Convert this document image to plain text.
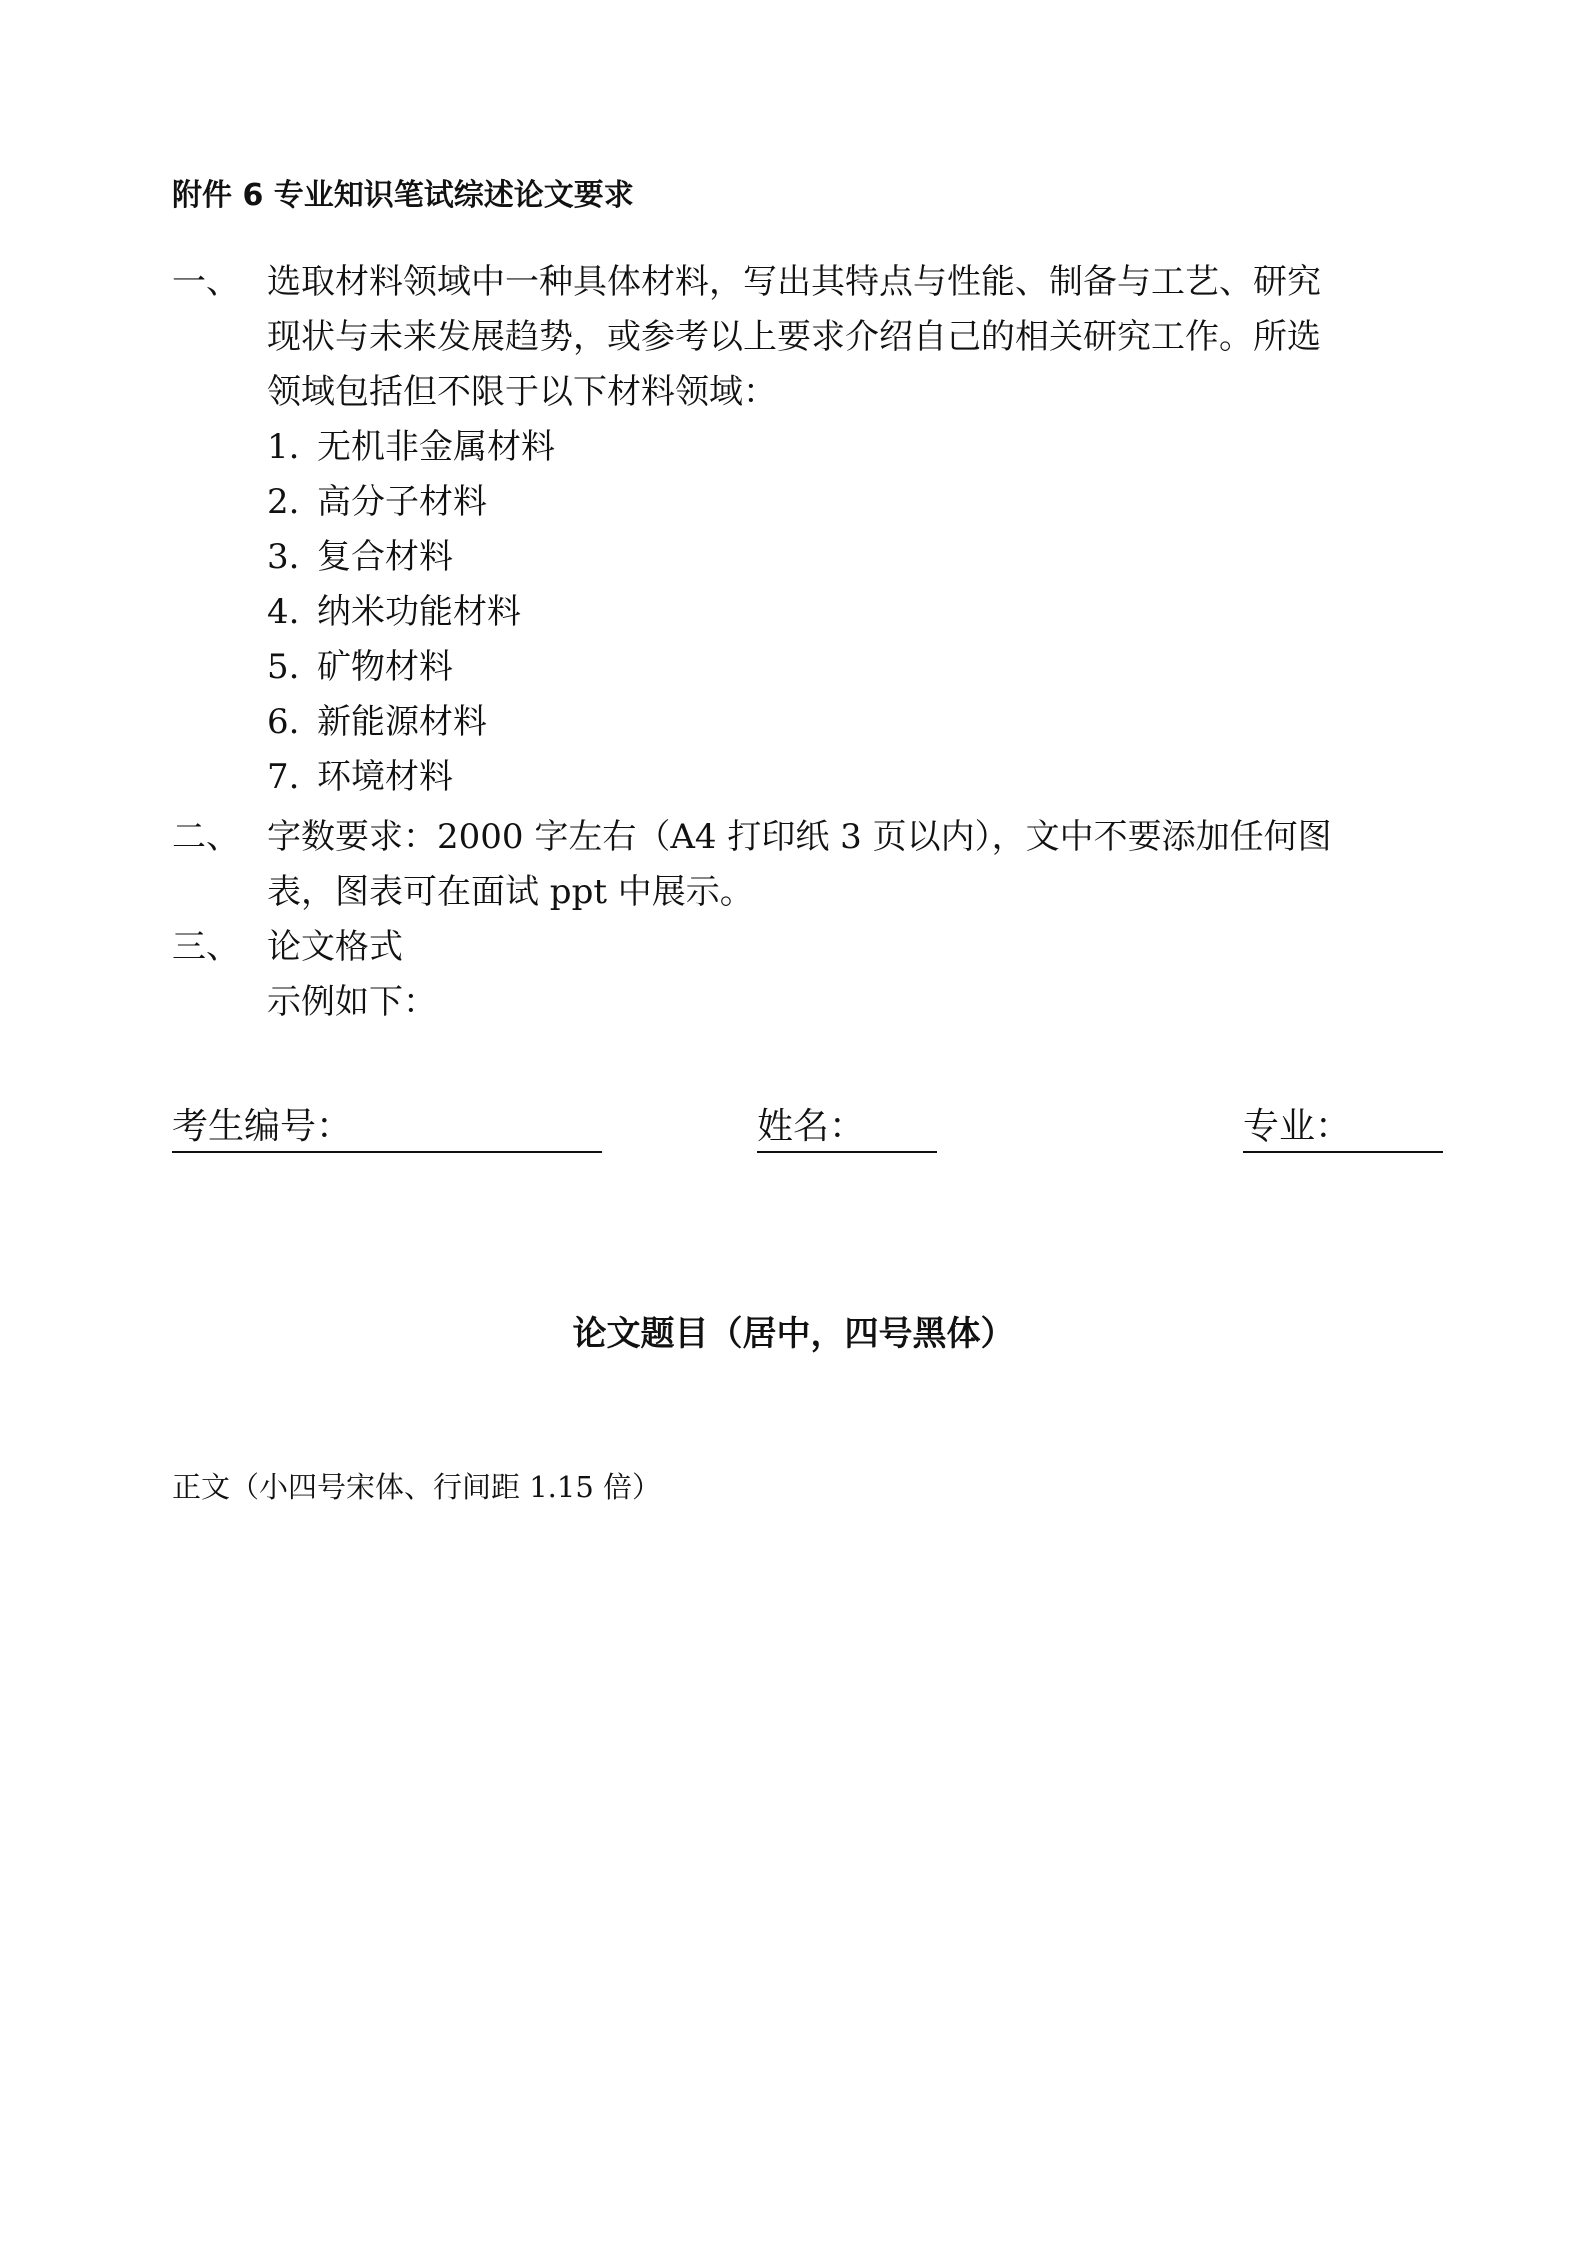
附件 6 专业知识笔试综述论文要求
一、 选取材料领域中一种具体材料，写出其特点与性能、制备与工艺、研究
现状与未来发展趋势，或参考以上要求介绍自己的相关研究工作。所选
领域包括但不限于以下材料领域：
1. 无机非金属材料
2. 高分子材料
3. 复合材料
4. 纳米功能材料
5. 矿物材料
6. 新能源材料
7. 环境材料
二、 字数要求：2000 字左右（A4 打印纸 3 页以内），文中不要添加任何图
表，图表可在面试 ppt 中展示。
三、 论文格式
示例如下：
考生编号：	姓名：	专业：
论文题目（居中，四号黑体）
正文（小四号宋体、行间距 1.15 倍）
